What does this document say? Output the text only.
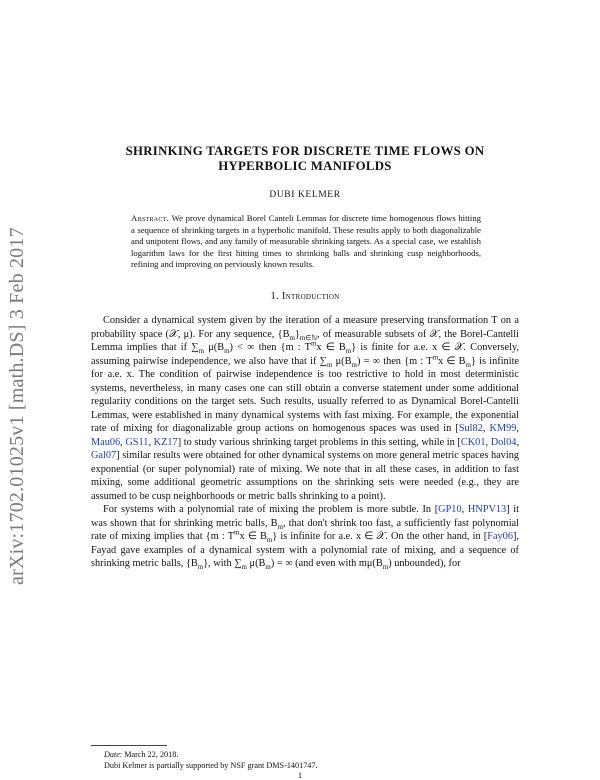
arXiv:1702.01025v1 [math.DS] 3 Feb 2017
SHRINKING TARGETS FOR DISCRETE TIME FLOWS ON
HYPERBOLIC MANIFOLDS
DUBI KELMER
Abstract. We prove dynamical Borel Canteli Lemmas for discrete time homogenous flows hitting a sequence of shrinking targets in a hyperbolic manifold. These results apply to both diagonalizable and unipotent flows, and any family of measurable shrinking targets. As a special case, we establish logarithm laws for the first hitting times to shrinking balls and shrinking cusp neighborhoods, refining and improving on perviously known results.
1. Introduction

Consider a dynamical system given by the iteration of a measure preserving transformation T on a probability space (𝒳, μ). For any sequence, $\{B_m\}_{m\in ℕ}$, of measurable subsets of 𝒳, the Borel-Cantelli Lemma implies that if $\sum_m$ $\mu(B_m)$ < ∞ then {m : $T^mx$ ∈ $B_m$} is finite for a.e. x ∈ 𝒳. Conversely, assuming pairwise independence, we also have that if $\sum_m$ $\mu(B_m)$ = ∞ then {m : $T^mx$ ∈ $B_m$} is infinite for a.e. x. The condition of pairwise independence is too restrictive to hold in most deterministic systems, nevertheless, in many cases one can still obtain a converse statement under some additional regularity conditions on the target sets. Such results, usually referred to as Dynamical Borel-Cantelli Lemmas, were established in many dynamical systems with fast mixing. For example, the exponential rate of mixing for diagonalizable group actions on homogenous spaces was used in [Sul82, KM99, Mau06, GS11, KZ17] to study various shrinking target problems in this setting, while in [CK01, Dol04, Gal07] similar results were obtained for other dynamical systems on more general metric spaces having exponential (or super polynomial) rate of mixing. We note that in all these cases, in addition to fast mixing, some additional geometric assumptions on the shrinking sets were needed (e.g., they are assumed to be cusp neighborhoods or metric balls shrinking to a point).

For systems with a polynomial rate of mixing the problem is more subtle. In [GP10, HNPV13] it was shown that for shrinking metric balls, $B_m$, that don't shrink too fast, a sufficiently fast polynomial rate of mixing implies that {m : $T^mx$ ∈ $B_m$} is infinite for a.e. x ∈ 𝒳. On the other hand, in [Fay06], Fayad gave examples of a dynamical system with a polynomial rate of mixing, and a sequence of shrinking metric balls, $\{B_m\}$, with $\sum_m$ $\mu(B_m)$ = ∞ (and even with $m\mu(B_m)$ unbounded), for

Date: March 22, 2018.
Dubi Kelmer is partially supported by NSF grant DMS-1401747.
1
